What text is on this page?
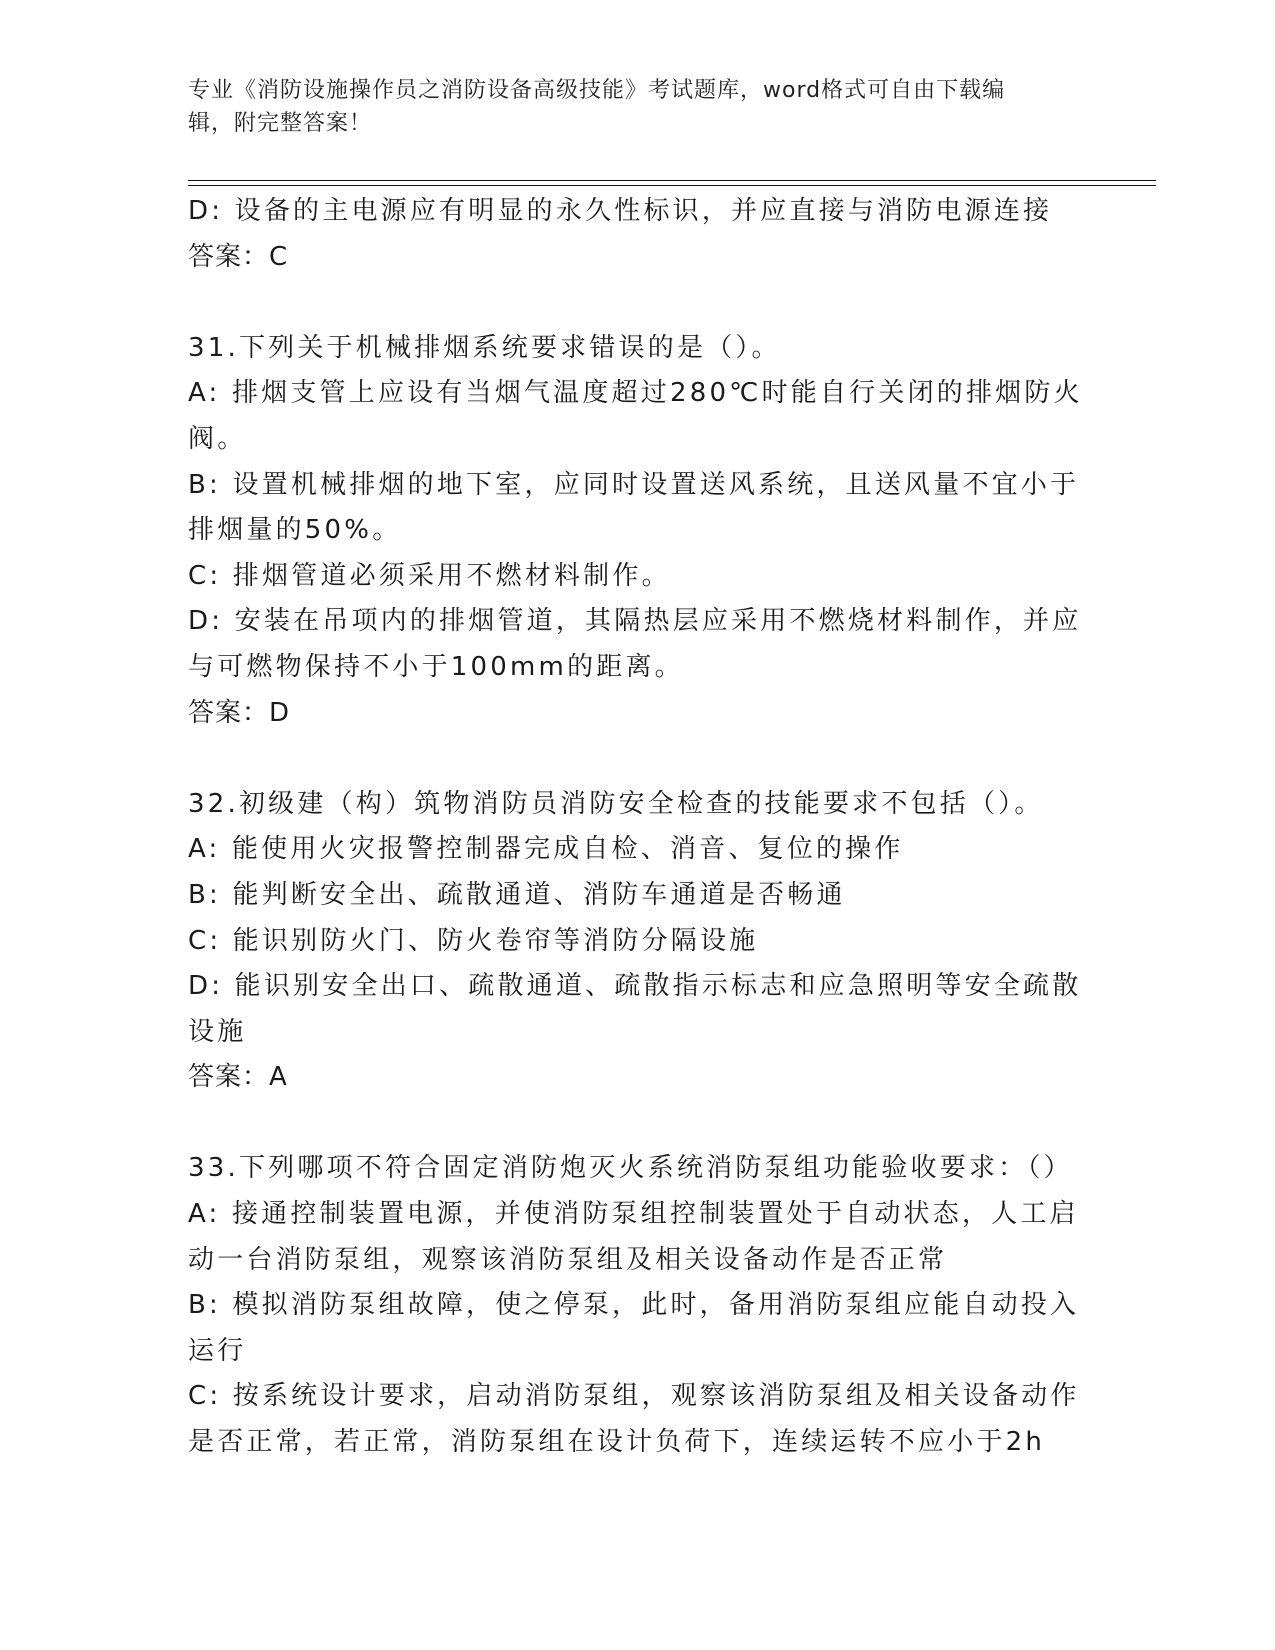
专业《消防设施操作员之消防设备高级技能》考试题库，word格式可自由下载编
辑，附完整答案！
D: 设备的主电源应有明显的永久性标识，并应直接与消防电源连接
答案：C
31.下列关于机械排烟系统要求错误的是（）。
A: 排烟支管上应设有当烟气温度超过280℃时能自行关闭的排烟防火
阀。
B: 设置机械排烟的地下室，应同时设置送风系统，且送风量不宜小于
排烟量的50%。
C: 排烟管道必须采用不燃材料制作。
D: 安装在吊项内的排烟管道，其隔热层应采用不燃烧材料制作，并应
与可燃物保持不小于100mm的距离。
答案：D
32.初级建（构）筑物消防员消防安全检查的技能要求不包括（）。
A: 能使用火灾报警控制器完成自检、消音、复位的操作
B: 能判断安全出、疏散通道、消防车通道是否畅通
C: 能识别防火门、防火卷帘等消防分隔设施
D: 能识别安全出口、疏散通道、疏散指示标志和应急照明等安全疏散
设施
答案：A
33.下列哪项不符合固定消防炮灭火系统消防泵组功能验收要求：（）
A: 接通控制装置电源，并使消防泵组控制装置处于自动状态，人工启
动一台消防泵组，观察该消防泵组及相关设备动作是否正常
B: 模拟消防泵组故障，使之停泵，此时，备用消防泵组应能自动投入
运行
C: 按系统设计要求，启动消防泵组，观察该消防泵组及相关设备动作
是否正常，若正常，消防泵组在设计负荷下，连续运转不应小于2h
